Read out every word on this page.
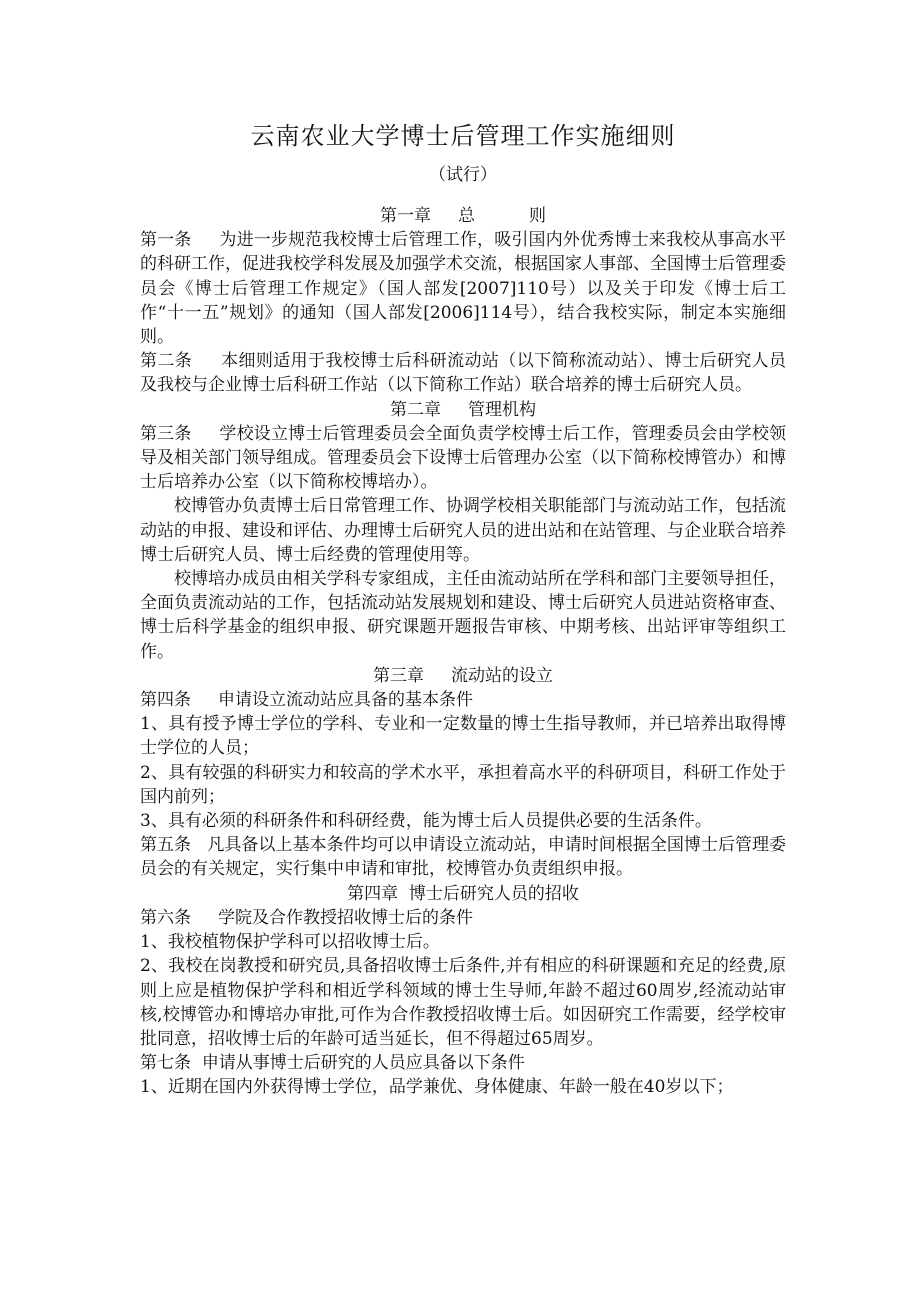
云南农业大学博士后管理工作实施细则
（试行）
第一章     总          则

第一条     为进一步规范我校博士后管理工作，吸引国内外优秀博士来我校从事高水平的科研工作，促进我校学科发展及加强学术交流，根据国家人事部、全国博士后管理委员会《博士后管理工作规定》（国人部发[2007]110号）以及关于印发《博士后工作“十一五”规划》的通知（国人部发[2006]114号），结合我校实际，制定本实施细则。

第二条     本细则适用于我校博士后科研流动站（以下简称流动站）、博士后研究人员及我校与企业博士后科研工作站（以下简称工作站）联合培养的博士后研究人员。

第二章     管理机构

第三条     学校设立博士后管理委员会全面负责学校博士后工作，管理委员会由学校领导及相关部门领导组成。管理委员会下设博士后管理办公室（以下简称校博管办）和博士后培养办公室（以下简称校博培办）。

校博管办负责博士后日常管理工作、协调学校相关职能部门与流动站工作，包括流动站的申报、建设和评估、办理博士后研究人员的进出站和在站管理、与企业联合培养博士后研究人员、博士后经费的管理使用等。

校博培办成员由相关学科专家组成，主任由流动站所在学科和部门主要领导担任，全面负责流动站的工作，包括流动站发展规划和建设、博士后研究人员进站资格审查、博士后科学基金的组织申报、研究课题开题报告审核、中期考核、出站评审等组织工作。

第三章     流动站的设立

第四条     申请设立流动站应具备的基本条件

1、具有授予博士学位的学科、专业和一定数量的博士生指导教师，并已培养出取得博士学位的人员；

2、具有较强的科研实力和较高的学术水平，承担着高水平的科研项目，科研工作处于国内前列；

3、具有必须的科研条件和科研经费，能为博士后人员提供必要的生活条件。

第五条   凡具备以上基本条件均可以申请设立流动站，申请时间根据全国博士后管理委员会的有关规定，实行集中申请和审批，校博管办负责组织申报。

第四章  博士后研究人员的招收

第六条     学院及合作教授招收博士后的条件

1、我校植物保护学科可以招收博士后。

2、我校在岗教授和研究员,具备招收博士后条件,并有相应的科研课题和充足的经费,原则上应是植物保护学科和相近学科领域的博士生导师,年龄不超过60周岁,经流动站审核,校博管办和博培办审批,可作为合作教授招收博士后。如因研究工作需要，经学校审批同意，招收博士后的年龄可适当延长，但不得超过65周岁。

第七条  申请从事博士后研究的人员应具备以下条件

1、近期在国内外获得博士学位，品学兼优、身体健康、年龄一般在40岁以下；
